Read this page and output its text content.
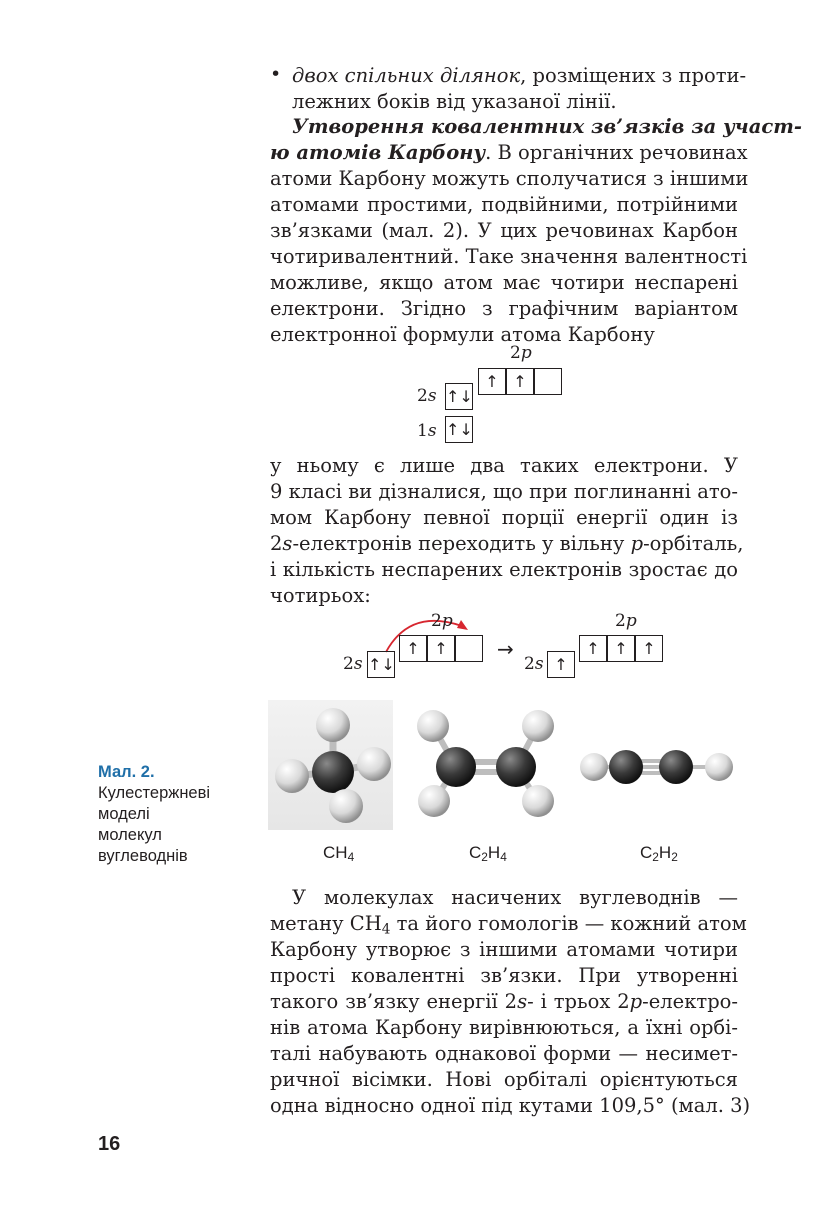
• двох спільних ділянок, розміщених з проти-
лежних боків від указаної лінії.
Утворення ковалентних зв’язків за участ-
ю атомів Карбону. В органічних речовинах
атоми Карбону можуть сполучатися з іншими
атомами простими, подвійними, потрійними
зв’язками (мал. 2). У цих речовинах Карбон
чотиривалентний. Таке значення валентності
можливе, якщо атом має чотири неспарені
електрони. Згідно з графічним варіантом
електронної формули атома Карбону
2p
↑ ↑
2s ↑↓
1s ↑↓
у ньому є лише два таких електрони. У
9 класі ви дізналися, що при поглинанні ато-
мом Карбону певної порції енергії один із
2s-електронів переходить у вільну p-орбіталь,
і кількість неспарених електронів зростає до
чотирьох:
2p
↑ ↑
2s ↑↓
→
2p
↑ ↑ ↑
2s ↑
Мал. 2.
Кулестержневі
моделі
молекул
вуглеводнів	$CH_4$	$C_2H_4$	$C_2H_2$
У молекулах насичених вуглеводнів —
метану $CH_4$ та його гомологів — кожний атом
Карбону утворює з іншими атомами чотири
прості ковалентні зв’язки. При утворенні
такого зв’язку енергії 2s- і трьох 2p-електро-
нів атома Карбону вирівнюються, а їхні орбі-
талі набувають однакової форми — несимет-
ричної вісімки. Нові орбіталі орієнтуються
одна відносно одної під кутами 109,5° (мал. 3)
16
